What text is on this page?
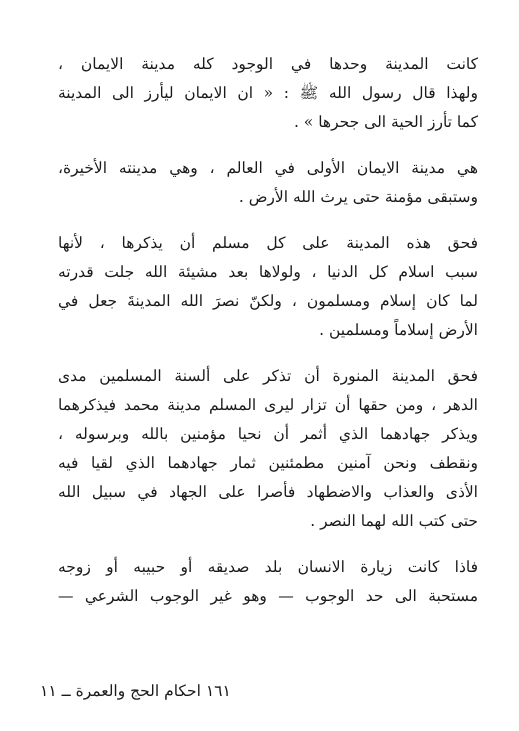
كانت المدينة وحدها في الوجود كله مدينة الايمان ،
ولهذا قال رسول الله ﷺ : « ان الايمان ليأرز الى المدينة
كما تأرز الحية الى جحرها » .
هي مدينة الايمان الأولى في العالم ، وهي مدينته الأخيرة،
وستبقى مؤمنة حتى يرث الله الأرض .
فحق هذه المدينة على كل مسلم أن يذكرها ، لأنها
سبب اسلام كل الدنيا ، ولولاها بعد مشيئة الله جلت قدرته
لما كان إسلام ومسلمون ، ولكنّ نصرَ الله المدينةَ جعل في
الأرض إسلاماً ومسلمين .
فحق المدينة المنورة أن تذكر على ألسنة المسلمين مدى
الدهر ، ومن حقها أن تزار ليرى المسلم مدينة محمد فيذكرهما
ويذكر جهادهما الذي أثمر أن نحيا مؤمنين بالله وبرسوله ،
ونقطف ونحن آمنين مطمئنين ثمار جهادهما الذي لقيا فيه
الأذى والعذاب والاضطهاد فأصرا على الجهاد في سبيل الله
حتى كتب الله لهما النصر .
فاذا كانت زيارة الانسان بلد صديقه أو حبيبه أو زوجه
مستحبة الى حد الوجوب — وهو غير الوجوب الشرعي —
١٦١ احكام الحج والعمرة ــ ١١
